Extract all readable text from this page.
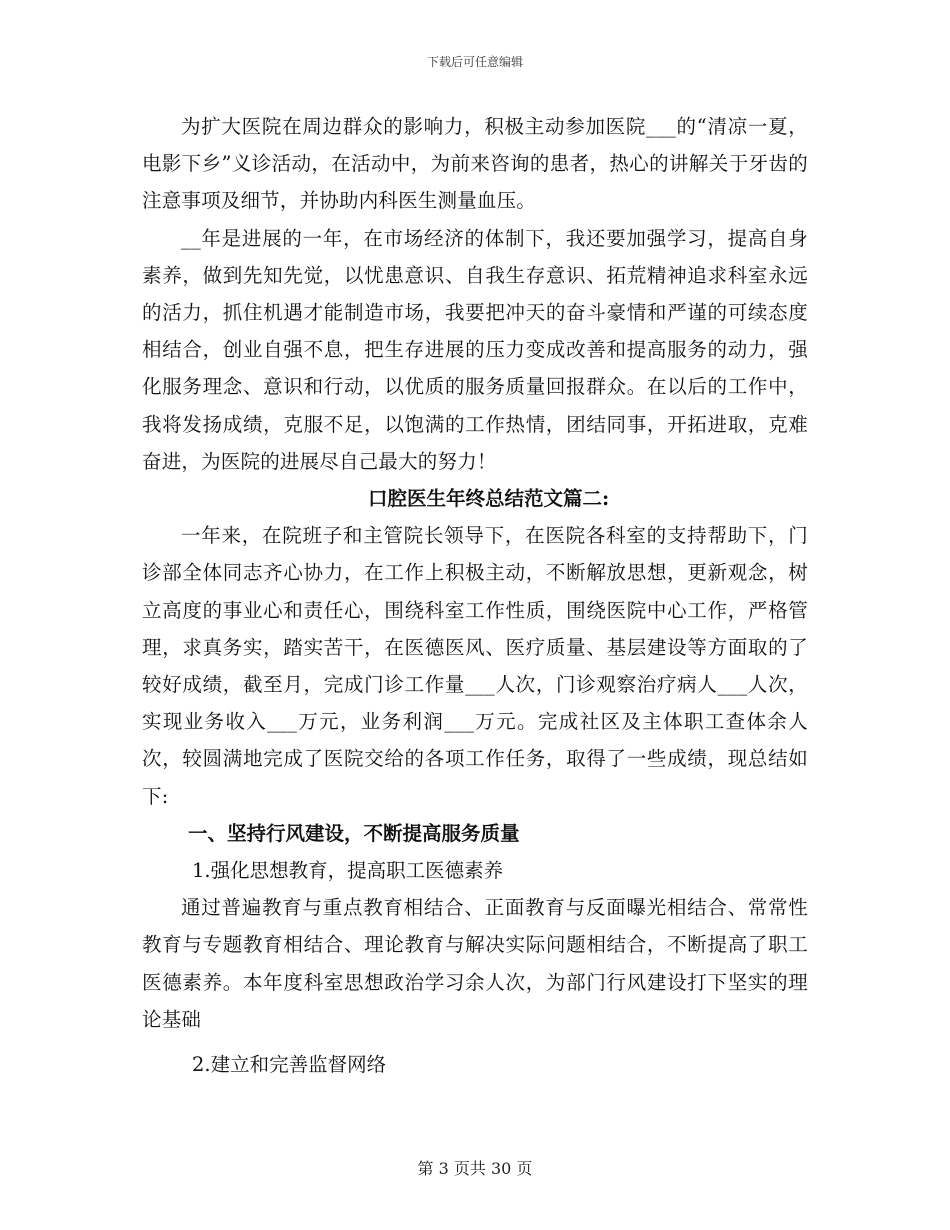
下载后可任意编辑

为扩大医院在周边群众的影响力，积极主动参加医院___的“清凉一夏，电影下乡”义诊活动，在活动中，为前来咨询的患者，热心的讲解关于牙齿的注意事项及细节，并协助内科医生测量血压。

__年是进展的一年，在市场经济的体制下，我还要加强学习，提高自身素养，做到先知先觉，以忧患意识、自我生存意识、拓荒精神追求科室永远的活力，抓住机遇才能制造市场，我要把冲天的奋斗豪情和严谨的可续态度相结合，创业自强不息，把生存进展的压力变成改善和提高服务的动力，强化服务理念、意识和行动，以优质的服务质量回报群众。在以后的工作中，我将发扬成绩，克服不足，以饱满的工作热情，团结同事，开拓进取，克难奋进，为医院的进展尽自己最大的努力！

口腔医生年终总结范文篇二:

一年来，在院班子和主管院长领导下，在医院各科室的支持帮助下，门诊部全体同志齐心协力，在工作上积极主动，不断解放思想，更新观念，树立高度的事业心和责任心，围绕科室工作性质，围绕医院中心工作，严格管理，求真务实，踏实苦干，在医德医风、医疗质量、基层建设等方面取的了较好成绩，截至月，完成门诊工作量___人次，门诊观察治疗病人___人次，实现业务收入___万元，业务利润___万元。完成社区及主体职工查体余人次，较圆满地完成了医院交给的各项工作任务，取得了一些成绩，现总结如下:

一、坚持行风建设，不断提高服务质量

1.强化思想教育，提高职工医德素养

通过普遍教育与重点教育相结合、正面教育与反面曝光相结合、常常性教育与专题教育相结合、理论教育与解决实际问题相结合，不断提高了职工医德素养。本年度科室思想政治学习余人次，为部门行风建设打下坚实的理论基础

2.建立和完善监督网络

第 3 页共 30 页
